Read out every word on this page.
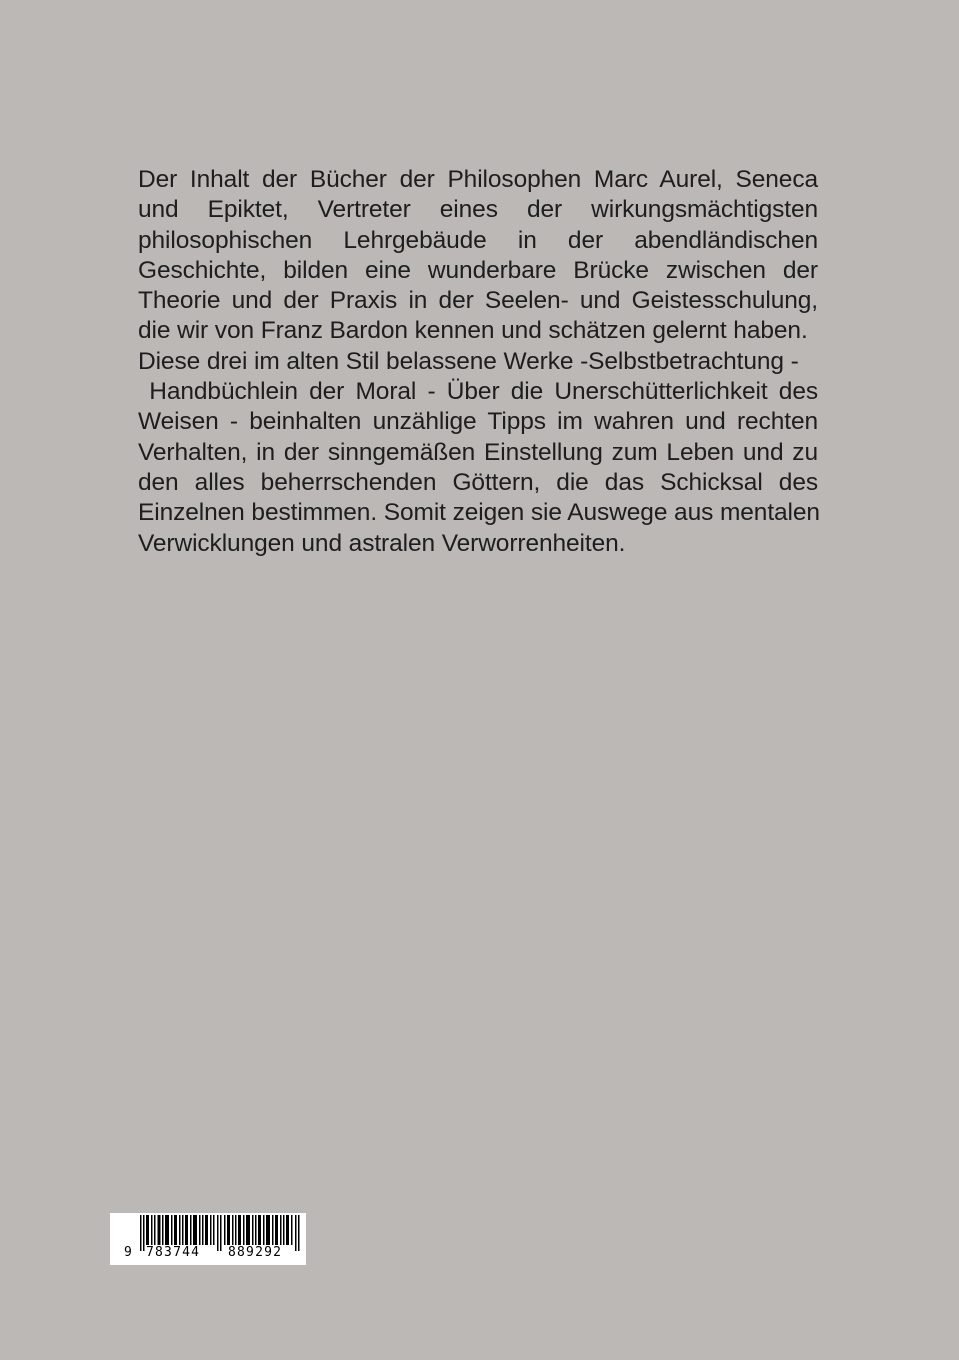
Der Inhalt der Bücher der Philosophen Marc Aurel, Seneca
und Epiktet, Vertreter eines der wirkungsmächtigsten
philosophischen Lehrgebäude in der abendländischen
Geschichte, bilden eine wunderbare Brücke zwischen der
Theorie und der Praxis in der Seelen- und Geistesschulung,
die wir von Franz Bardon kennen und schätzen gelernt haben.
Diese drei im alten Stil belassene Werke -Selbstbetrachtung -
Handbüchlein der Moral - Über die Unerschütterlichkeit des
Weisen - beinhalten unzählige Tipps im wahren und rechten
Verhalten, in der sinngemäßen Einstellung zum Leben und zu
den alles beherrschenden Göttern, die das Schicksal des
Einzelnen bestimmen. Somit zeigen sie Auswege aus mentalen
Verwicklungen und astralen Verworrenheiten.
9 783744 889292
